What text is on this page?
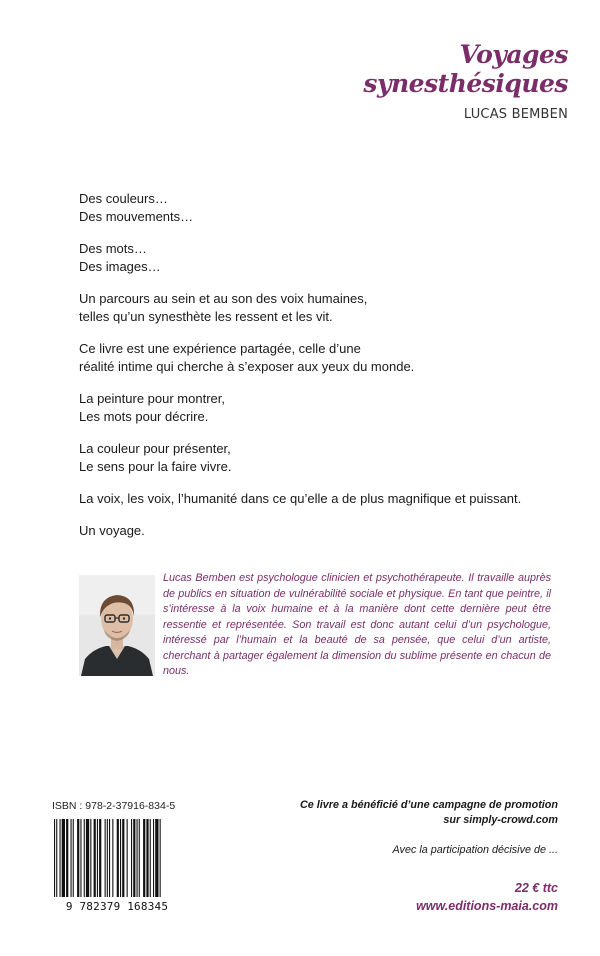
Voyages
synesthésiques
LUCAS BEMBEN
Des couleurs…
Des mouvements…
Des mots…
Des images…
Un parcours au sein et au son des voix humaines,
telles qu’un synesthète les ressent et les vit.
Ce livre est une expérience partagée, celle d’une
réalité intime qui cherche à s’exposer aux yeux du monde.
La peinture pour montrer,
Les mots pour décrire.
La couleur pour présenter,
Le sens pour la faire vivre.
La voix, les voix, l’humanité dans ce qu’elle a de plus magnifique et puissant.
Un voyage.
Lucas Bemben est psychologue clinicien et psychothérapeute. Il travaille auprès de publics en situation de vulnérabilité sociale et physique. En tant que peintre, il s’intéresse à la voix humaine et à la manière dont cette dernière peut être ressentie et représentée. Son travail est donc autant celui d’un psychologue, intéressé par l’humain et la beauté de sa pensée, que celui d’un artiste, cherchant à partager également la dimension du sublime présente en chacun de nous.
ISBN : 978-2-37916-834-5
9 782379 168345
Ce livre a bénéficié d’une campagne de promotion
sur simply-crowd.com
Avec la participation décisive de ...
22 € ttc
www.editions-maia.com
